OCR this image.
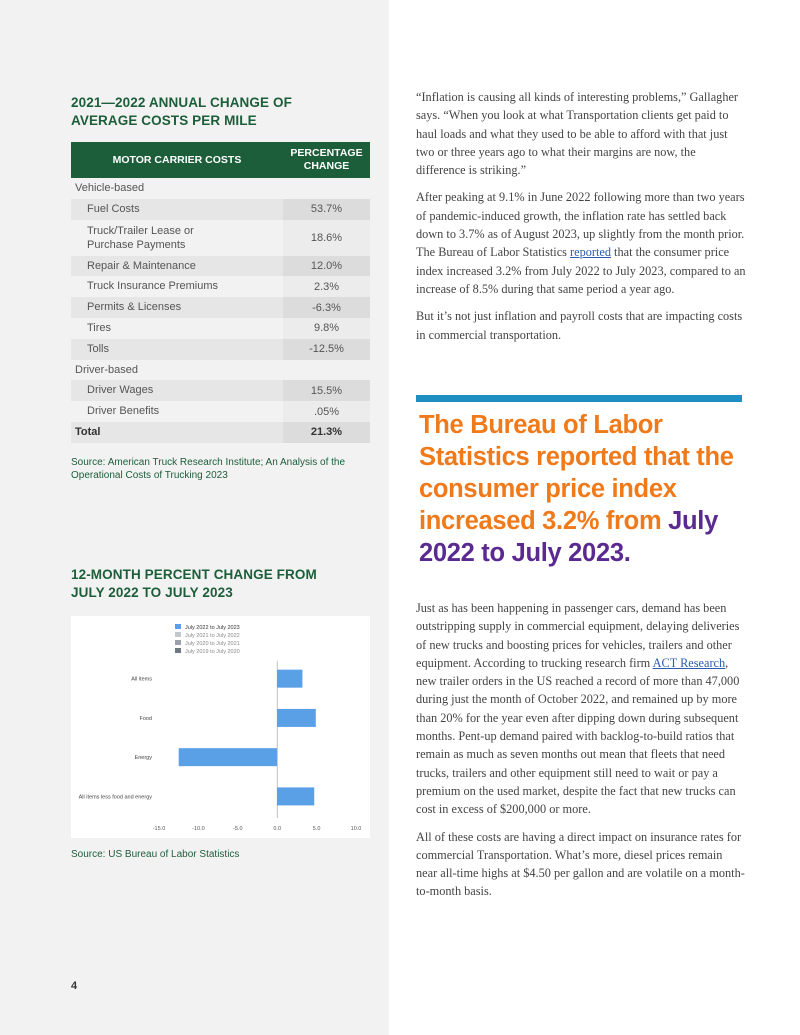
2021—2022 ANNUAL CHANGE OF
AVERAGE COSTS PER MILE
MOTOR CARRIER COSTS
PERCENTAGE
CHANGE
Vehicle-based
Fuel Costs	53.7%
Truck/Trailer Lease or
Purchase Payments
18.6%
Repair & Maintenance	12.0%
Truck Insurance Premiums	2.3%
Permits & Licenses	-6.3%
Tires	9.8%
Tolls	-12.5%
Driver-based
Driver Wages	15.5%
Driver Benefits	.05%
Total	21.3%
Source: American Truck Research Institute; An Analysis of the
Operational Costs of Trucking 2023
12-MONTH PERCENT CHANGE FROM
JULY 2022 TO JULY 2023
July 2022 to July 2023
July 2021 to July 2022
July 2020 to July 2021
July 2019 to July 2020
All items
Food
Energy
All items less food and energy
-15.0	-10.0	-5.0	0.0	5.0	10.0
Source: US Bureau of Labor Statistics
4

“Inflation is causing all kinds of interesting problems,” Gallagher says. “When you look at what Transportation clients get paid to haul loads and what they used to be able to afford with that just two or three years ago to what their margins are now, the difference is striking.”

After peaking at 9.1% in June 2022 following more than two years of pandemic-induced growth, the inflation rate has settled back down to 3.7% as of August 2023, up slightly from the month prior. The Bureau of Labor Statistics reported that the consumer price index increased 3.2% from July 2022 to July 2023, compared to an increase of 8.5% during that same period a year ago.

But it’s not just inflation and payroll costs that are impacting costs in commercial transportation.

The Bureau of Labor Statistics reported that the consumer price index increased 3.2% from July 2022 to July 2023.

Just as has been happening in passenger cars, demand has been outstripping supply in commercial equipment, delaying deliveries of new trucks and boosting prices for vehicles, trailers and other equipment. According to trucking research firm ACT Research, new trailer orders in the US reached a record of more than 47,000 during just the month of October 2022, and remained up by more than 20% for the year even after dipping down during subsequent months. Pent-up demand paired with backlog-to-build ratios that remain as much as seven months out mean that fleets that need trucks, trailers and other equipment still need to wait or pay a premium on the used market, despite the fact that new trucks can cost in excess of $200,000 or more.

All of these costs are having a direct impact on insurance rates for commercial Transportation. What’s more, diesel prices remain near all-time highs at $4.50 per gallon and are volatile on a month-to-month basis.
